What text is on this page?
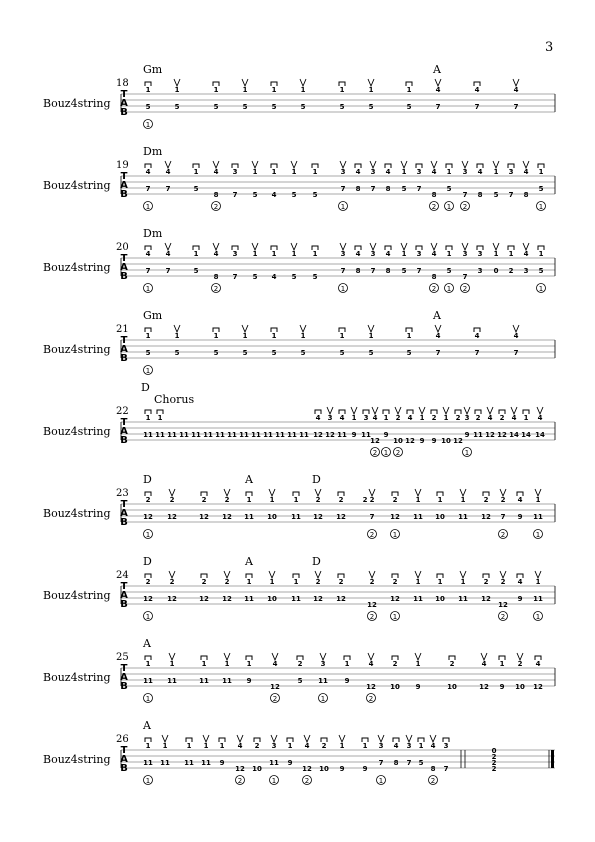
T
A
B
Bouz4string
18
Gm	A
1
5
1
5
1
5
1
5
1
5
1
5
1
5
1
5
1
5
4
7
4
7
4
7
1
T
A
B
Bouz4string
19
Dm
4
7
4
7
1
5
4
8
3
7
1
5
1
4
1
5
1
5
3
7
4
8
3
7
4
8
1
5
3
7
4
8
1
5
3
7
4
8
1
5
3
7
4
8
1
5
1	2	1	2 1 2	1
T
A
B
Bouz4string
20
Dm
4
7
4
7
1
5
4
8
3
7
1
5
1
4
1
5
1
5
3
7
4
8
3
7
4
8
1
5
3
7
4
8
1
5
3
7
3
3
1
0
1
2
4
3
1
5
1	2	1	2 1 2	1
T
A
B
Bouz4string
21
Gm	A
1
5
1
5
1
5
1
5
1
5
1
5
1
5
1
5
1
5
4
7
4
7
4
7
1
T
A
B
Bouz4string
22
D
Chorus
1
11
1
11 11 11 11 11 11 11 11 11 11 11 11 11
4
12
3
12
4
11
1
9
3
11
4
12
1
9
2
10
4
12
1
9
2
9
1
10
2
12
3
9
2
11
4
12
2
12
4
14
1
14
4
14
2 1 2	1
T
A
B
Bouz4string
23
D	A	D
2
12
2
12
2
12
2
12
1
11
1
10
1
11
2
12
2
12
2 2
7
2
12
1
11
1
10
1
11
2
12
2
7
4
9
1
11
1	2	1	2	1
T
A
B
Bouz4string
24
D	A	D
2
12
2
12
2
12
2
12
1
11
1
10
1
11
2
12
2
12
2
12
2
12
1
11
1
10
1
11
2
12
2
12
4
9
1
11
1	2	1	2	1
T
A
B
Bouz4string
25
A
1
11
1
11
1
11
1
11
1
9
4
12
2
5
3
11
1
9
4
12
2
10
1
9
2
10
4
12
1
9
2
10
4
12
1	2	1	2
0
2
2
2
T
A
B
Bouz4string
26
A
1
11
1
11
1
11
1
11
1
9
4
12
2
10
3
11
1
9
4
12
2
10
1
9
1
9
3
7
4
8
3
7
1
5
4
8
3
7
1	2	1	2	1	2
3
